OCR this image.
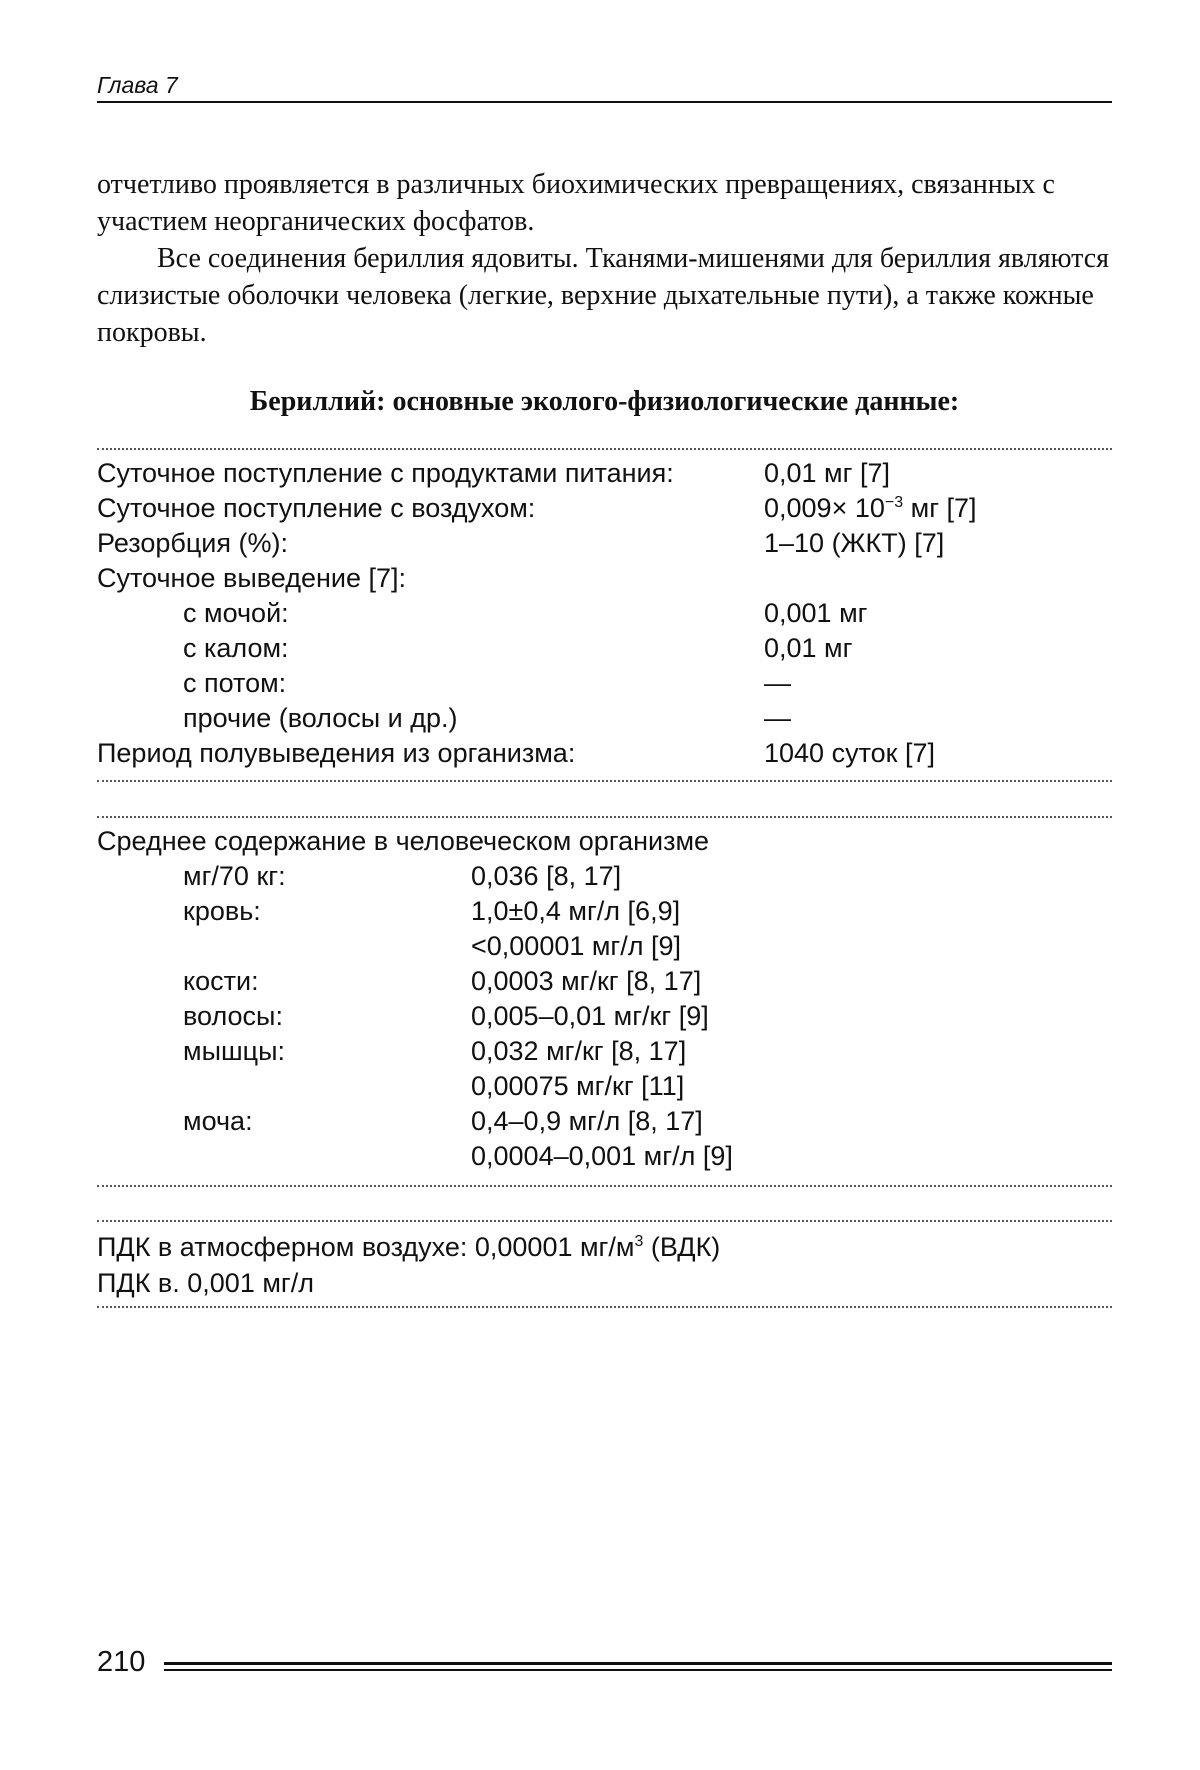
Глава 7
отчетливо проявляется в различных биохимических превращениях, связанных с участием неорганических фосфатов.
Все соединения бериллия ядовиты. Тканями-мишенями для бериллия являются слизистые оболочки человека (легкие, верхние дыхательные пути), а также кожные покровы.
Бериллий: основные эколого-физиологические данные:
Суточное поступление с продуктами питания:	0,01 мг [7]
Суточное поступление с воздухом:	$0,009\times 10^{-3}$ мг [7]
Резорбция (%):	1–10 (ЖКТ) [7]
Суточное выведение [7]:
с мочой:	0,001 мг
с калом:	0,01 мг
с потом:	—
прочие (волосы и др.)	—
Период полувыведения из организма:	1040 суток [7]
Среднее содержание в человеческом организме
мг/70 кг:	0,036 [8, 17]
кровь:	1,0±0,4 мг/л [6,9]
<0,00001 мг/л [9]
кости:	0,0003 мг/кг [8, 17]
волосы:	0,005–0,01 мг/кг [9]
мышцы:	0,032 мг/кг [8, 17]
0,00075 мг/кг [11]
моча:	0,4–0,9 мг/л [8, 17]
0,0004–0,001 мг/л [9]
ПДК в атмосферном воздухе: 0,00001 $мг/м^3$ (ВДК)
ПДК в. 0,001 мг/л
210
